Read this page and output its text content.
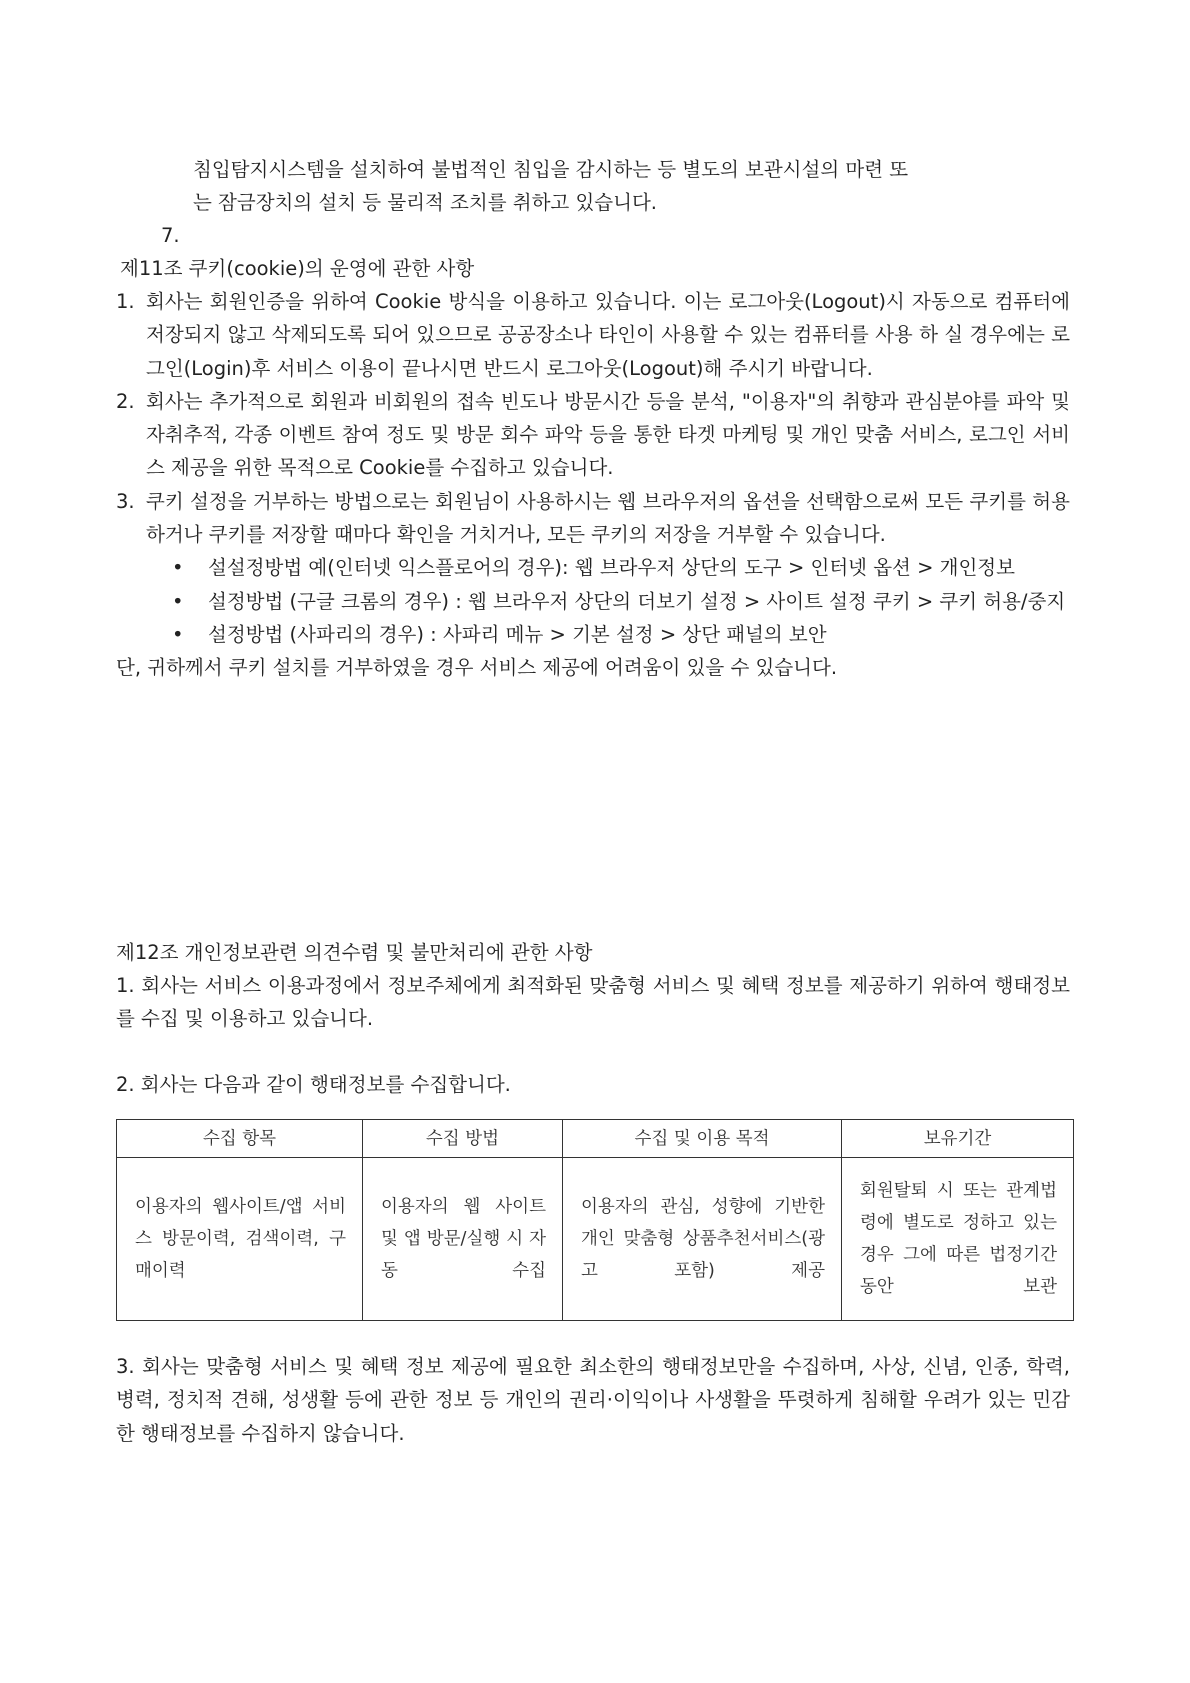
침입탐지시스템을 설치하여 불법적인 침입을 감시하는 등 별도의 보관시설의 마련 또
는 잠금장치의 설치 등 물리적 조치를 취하고 있습니다.
7.
제11조 쿠키(cookie)의 운영에 관한 사항
1. 회사는 회원인증을 위하여 Cookie 방식을 이용하고 있습니다. 이는 로그아웃(Logout)시 자동으로 컴퓨터에 저장되지 않고 삭제되도록 되어 있으므로 공공장소나 타인이 사용할 수 있는 컴퓨터를 사용 하 실 경우에는 로그인(Login)후 서비스 이용이 끝나시면 반드시 로그아웃(Logout)해 주시기 바랍니다.
2. 회사는 추가적으로 회원과 비회원의 접속 빈도나 방문시간 등을 분석, "이용자"의 취향과 관심분야를 파악 및 자취추적, 각종 이벤트 참여 정도 및 방문 회수 파악 등을 통한 타겟 마케팅 및 개인 맞춤 서비스, 로그인 서비스 제공을 위한 목적으로 Cookie를 수집하고 있습니다.
3. 쿠키 설정을 거부하는 방법으로는 회원님이 사용하시는 웹 브라우저의 옵션을 선택함으로써 모든 쿠키를 허용하거나 쿠키를 저장할 때마다 확인을 거치거나, 모든 쿠키의 저장을 거부할 수 있습니다.
• 설설정방법 예(인터넷 익스플로어의 경우): 웹 브라우저 상단의 도구 > 인터넷 옵션 > 개인정보
• 설정방법 (구글 크롬의 경우) : 웹 브라우저 상단의 더보기 설정 > 사이트 설정 쿠키 > 쿠키 허용/중지
• 설정방법 (사파리의 경우) : 사파리 메뉴 > 기본 설정 > 상단 패널의 보안
단, 귀하께서 쿠키 설치를 거부하였을 경우 서비스 제공에 어려움이 있을 수 있습니다.
제12조 개인정보관련 의견수렴 및 불만처리에 관한 사항
1. 회사는 서비스 이용과정에서 정보주체에게 최적화된 맞춤형 서비스 및 혜택 정보를 제공하기 위하여 행태정보를 수집 및 이용하고 있습니다.
2. 회사는 다음과 같이 행태정보를 수집합니다.
수집 항목	수집 방법	수집 및 이용 목적	보유기간
이용자의 웹사이트/앱 서비스 방문이력, 검색이력, 구매이력	이용자의 웹 사이트 및 앱 방문/실행 시 자동 수집	이용자의 관심, 성향에 기반한 개인 맞춤형 상품추천서비스(광고 포함) 제공	회원탈퇴 시 또는 관계법령에 별도로 정하고 있는 경우 그에 따른 법정기간 동안 보관
3. 회사는 맞춤형 서비스 및 혜택 정보 제공에 필요한 최소한의 행태정보만을 수집하며, 사상, 신념, 인종, 학력, 병력, 정치적 견해, 성생활 등에 관한 정보 등 개인의 권리·이익이나 사생활을 뚜렷하게 침해할 우려가 있는 민감한 행태정보를 수집하지 않습니다.
